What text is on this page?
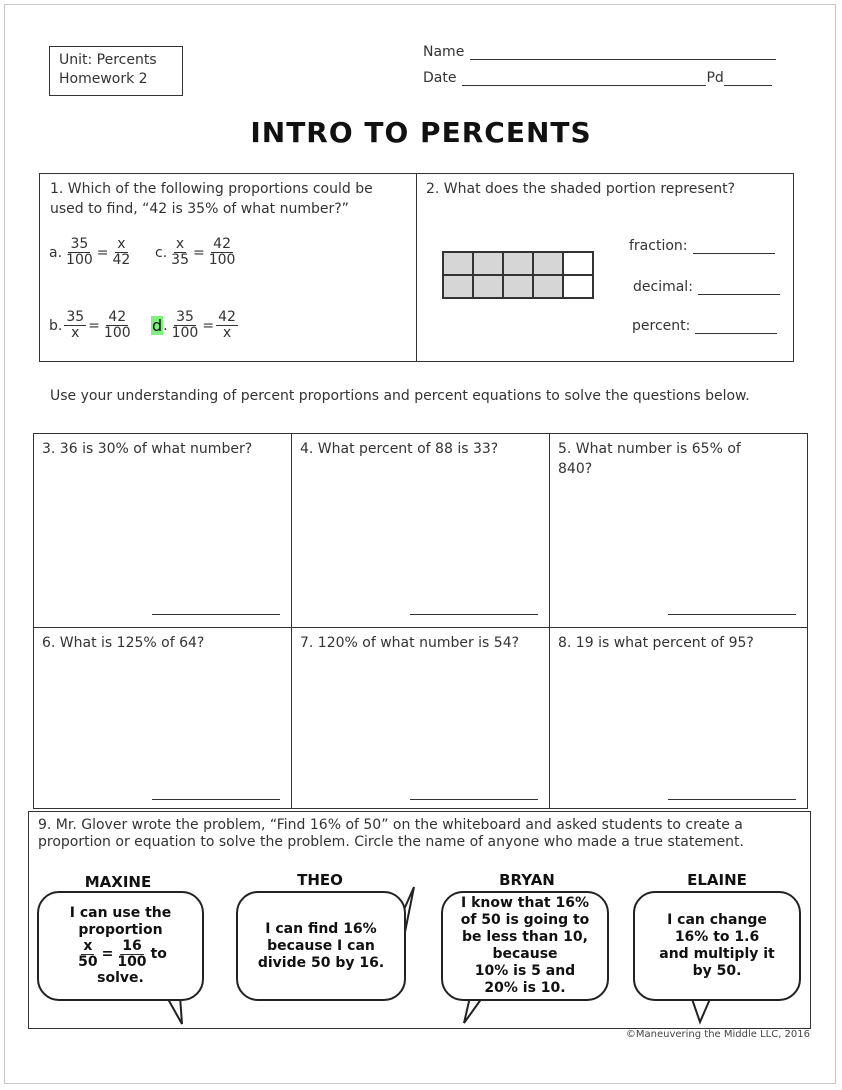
Unit: Percents
Homework 2
Name
Date	Pd
INTRO TO PERCENTS
1. Which of the following proportions could be used to find, “42 is 35% of what number?”
a. $\frac{35}{100} = \frac{x}{42} c$. $\frac{x}{35} = \frac{42}{100}$
b. $\frac{35}{x} = \frac{42}{100}$ d . $\frac{35}{100} = \frac{42}{x}$
2. What does the shaded portion represent?
fraction:
decimal:
percent:
Use your understanding of percent proportions and percent equations to solve the questions below.
3. 36 is 30% of what number?	4. What percent of 88 is 33?	5. What number is 65% of 840?
6. What is 125% of 64?	7. 120% of what number is 54?	8. 19 is what percent of 95?
9. Mr. Glover wrote the problem, “Find 16% of 50” on the whiteboard and asked students to create a proportion or equation to solve the problem. Circle the name of anyone who made a true statement.
MAXINE	THEO	BRYAN	ELAINE
I can use the
proportion
$\frac{x}{50} = \frac{16}{100}$ to
solve.
I can find 16%
because I can
divide 50 by 16.
I know that 16%
of 50 is going to
be less than 10,
because
10% is 5 and
20% is 10.
I can change
16% to 1.6
and multiply it
by 50.
©Maneuvering the Middle LLC, 2016
